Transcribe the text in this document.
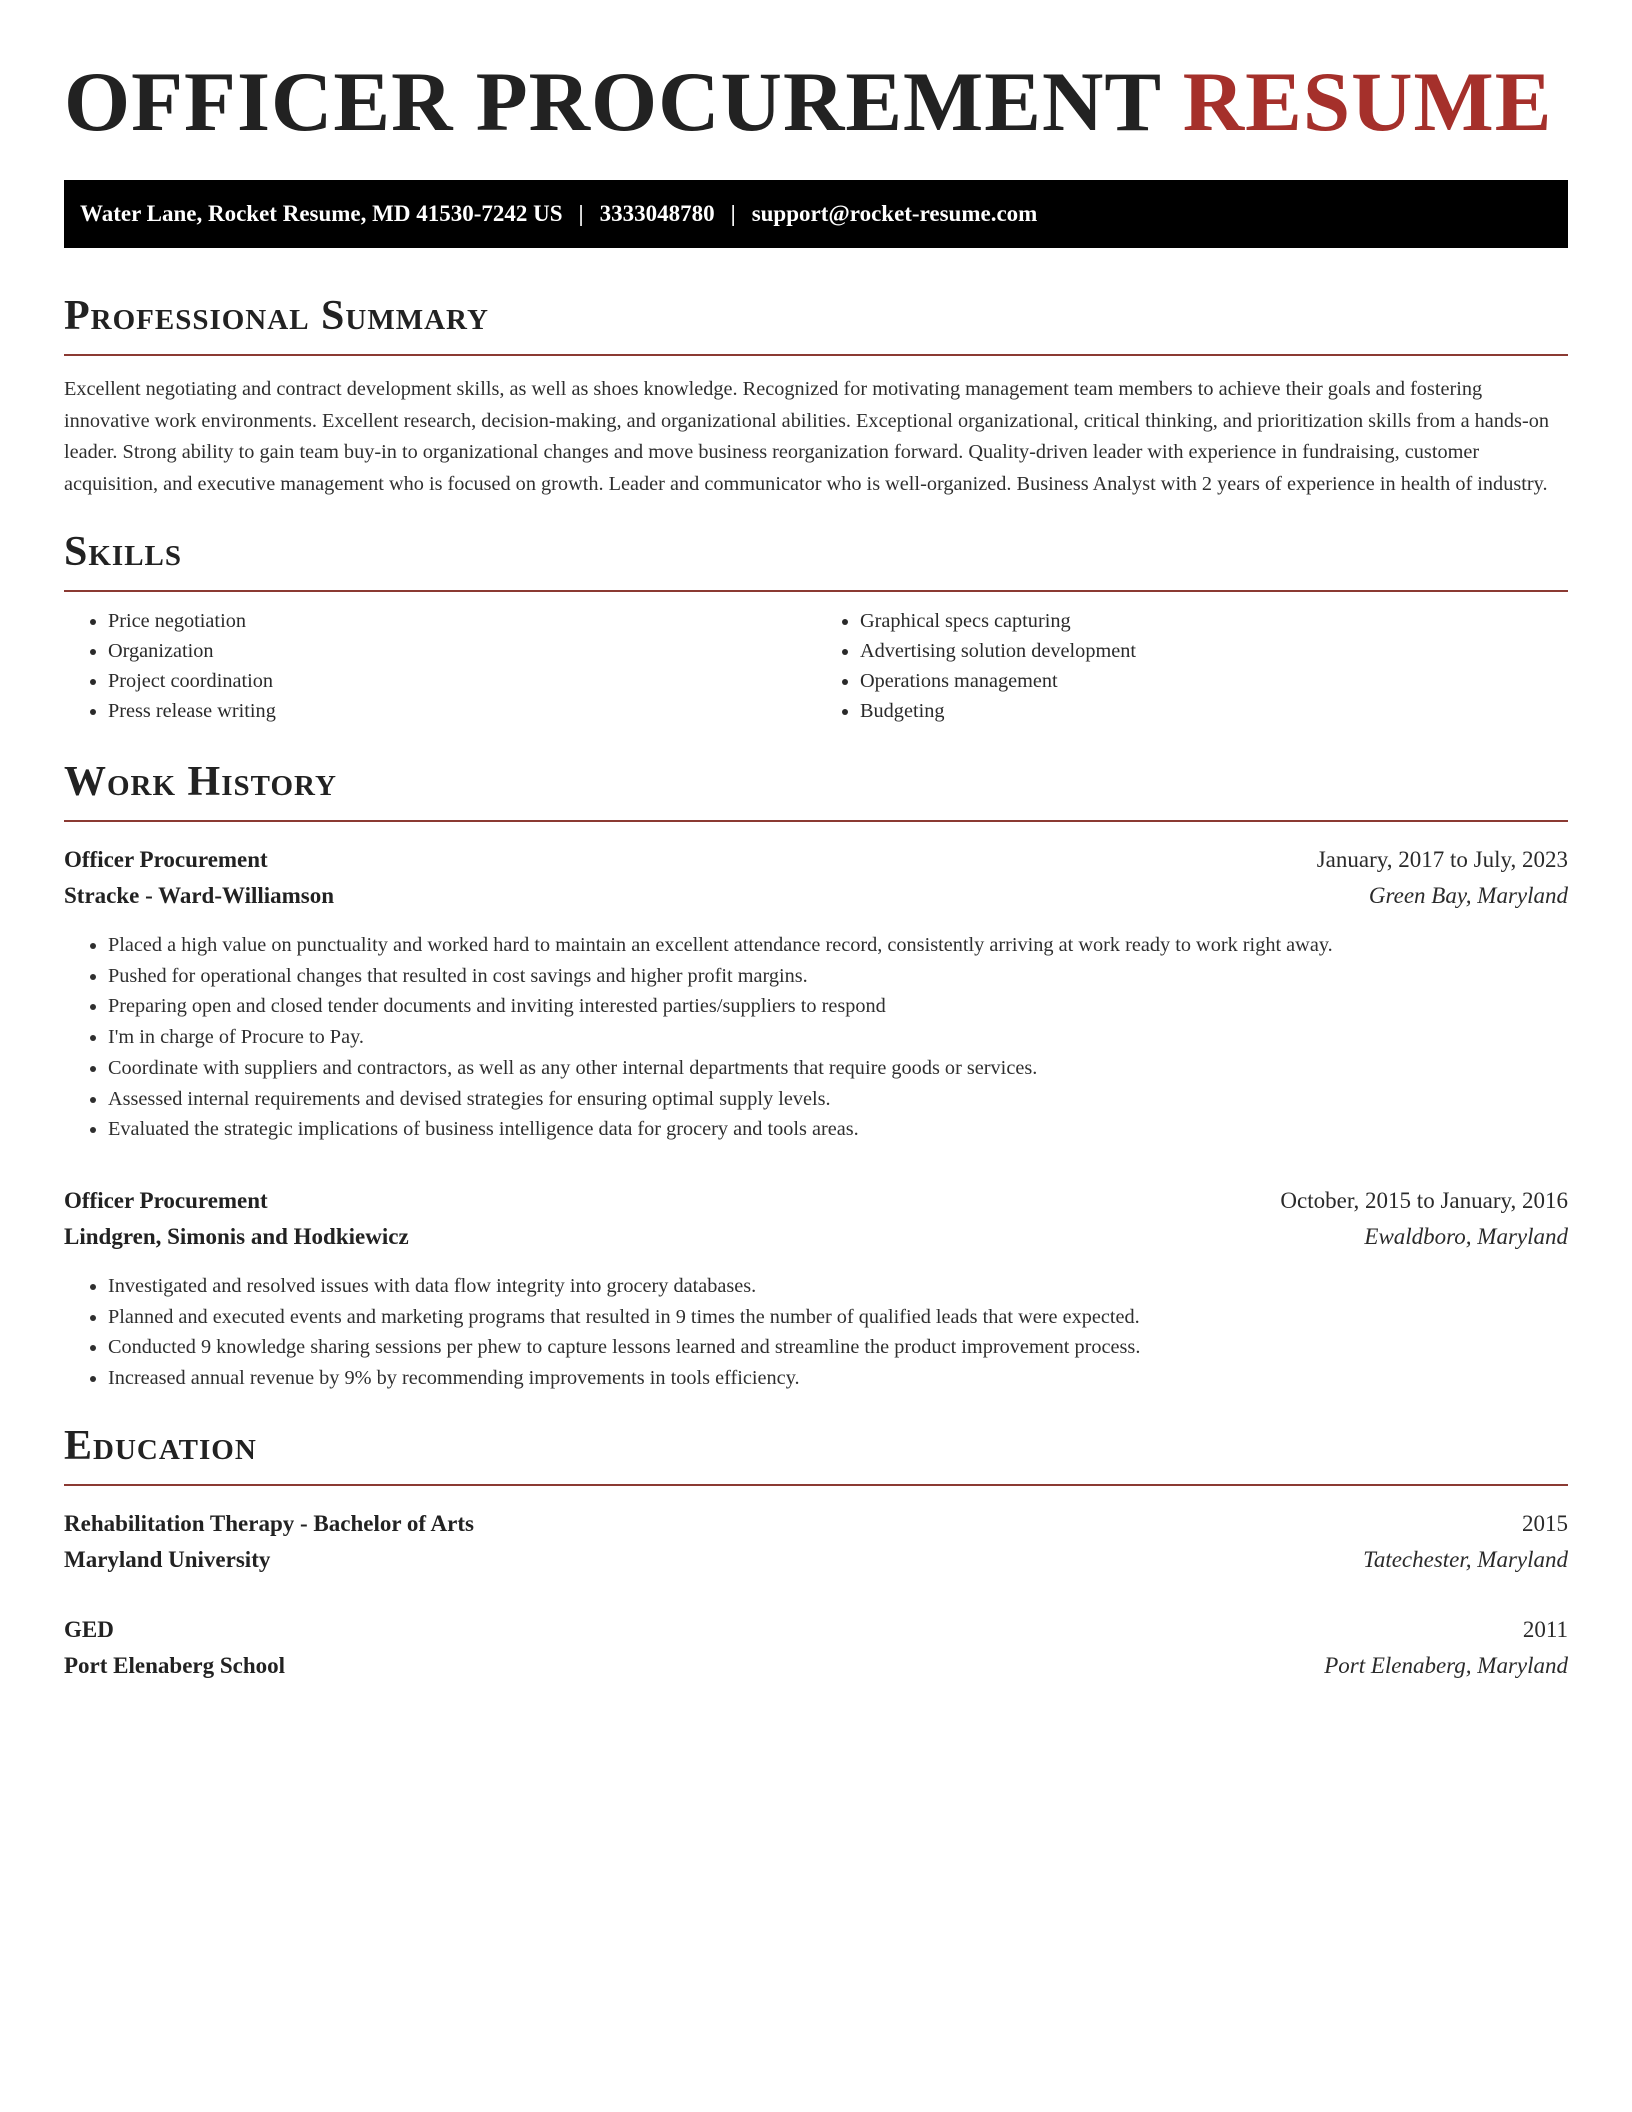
OFFICER PROCUREMENT RESUME
Water Lane, Rocket Resume, MD 41530-7242 US | 3333048780 | support@rocket-resume.com
Professional Summary

Excellent negotiating and contract development skills, as well as shoes knowledge. Recognized for motivating management team members to achieve their goals and fostering innovative work environments. Excellent research, decision-making, and organizational abilities. Exceptional organizational, critical thinking, and prioritization skills from a hands-on leader. Strong ability to gain team buy-in to organizational changes and move business reorganization forward. Quality-driven leader with experience in fundraising, customer acquisition, and executive management who is focused on growth. Leader and communicator who is well-organized. Business Analyst with 2 years of experience in health of industry.

Skills
• Price negotiation
• Organization
• Project coordination
• Press release writing
• Graphical specs capturing
• Advertising solution development
• Operations management
• Budgeting
Work History
Officer Procurement	January, 2017 to July, 2023
Stracke - Ward-Williamson	Green Bay, Maryland
• Placed a high value on punctuality and worked hard to maintain an excellent attendance record, consistently arriving at work ready to work right away.
• Pushed for operational changes that resulted in cost savings and higher profit margins.
• Preparing open and closed tender documents and inviting interested parties/suppliers to respond
• I'm in charge of Procure to Pay.
• Coordinate with suppliers and contractors, as well as any other internal departments that require goods or services.
• Assessed internal requirements and devised strategies for ensuring optimal supply levels.
• Evaluated the strategic implications of business intelligence data for grocery and tools areas.
Officer Procurement	October, 2015 to January, 2016
Lindgren, Simonis and Hodkiewicz	Ewaldboro, Maryland
• Investigated and resolved issues with data flow integrity into grocery databases.
• Planned and executed events and marketing programs that resulted in 9 times the number of qualified leads that were expected.
• Conducted 9 knowledge sharing sessions per phew to capture lessons learned and streamline the product improvement process.
• Increased annual revenue by 9% by recommending improvements in tools efficiency.
Education
Rehabilitation Therapy - Bachelor of Arts	2015
Maryland University	Tatechester, Maryland
GED	2011
Port Elenaberg School	Port Elenaberg, Maryland
